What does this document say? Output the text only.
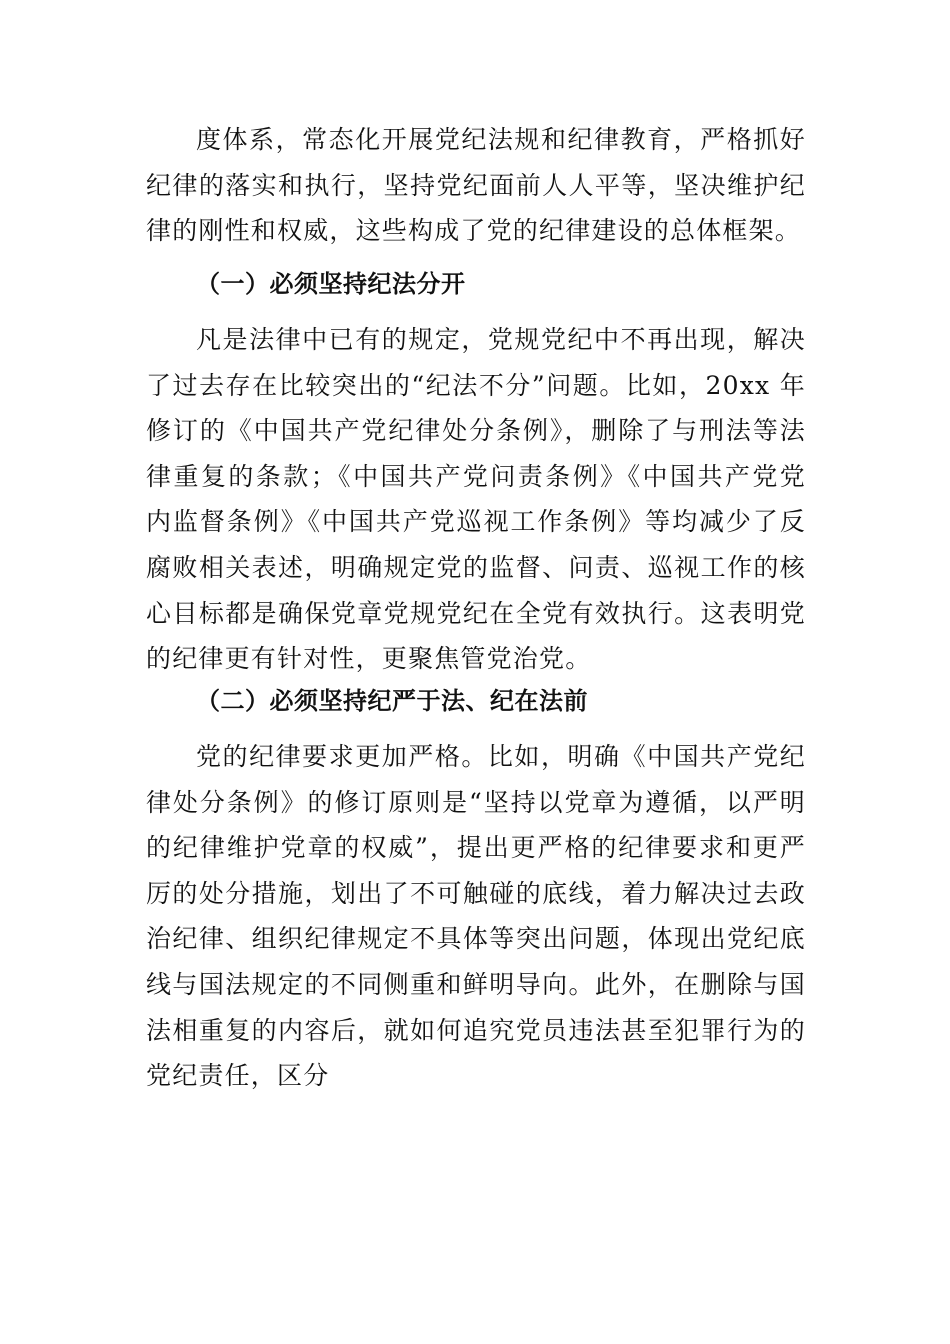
度体系，常态化开展党纪法规和纪律教育，严格抓好
纪律的落实和执行，坚持党纪面前人人平等，坚决维护纪
律的刚性和权威，这些构成了党的纪律建设的总体框架。
（一）必须坚持纪法分开
凡是法律中已有的规定，党规党纪中不再出现，解决
了过去存在比较突出的“纪法不分”问题。比如，20xx 年
修订的《中国共产党纪律处分条例》，删除了与刑法等法
律重复的条款；《中国共产党问责条例》《中国共产党党
内监督条例》《中国共产党巡视工作条例》等均减少了反
腐败相关表述，明确规定党的监督、问责、巡视工作的核
心目标都是确保党章党规党纪在全党有效执行。这表明党
的纪律更有针对性，更聚焦管党治党。
（二）必须坚持纪严于法、纪在法前
党的纪律要求更加严格。比如，明确《中国共产党纪
律处分条例》的修订原则是“坚持以党章为遵循，以严明
的纪律维护党章的权威”，提出更严格的纪律要求和更严
厉的处分措施，划出了不可触碰的底线，着力解决过去政
治纪律、组织纪律规定不具体等突出问题，体现出党纪底
线与国法规定的不同侧重和鲜明导向。此外，在删除与国
法相重复的内容后，就如何追究党员违法甚至犯罪行为的
党纪责任，区分
